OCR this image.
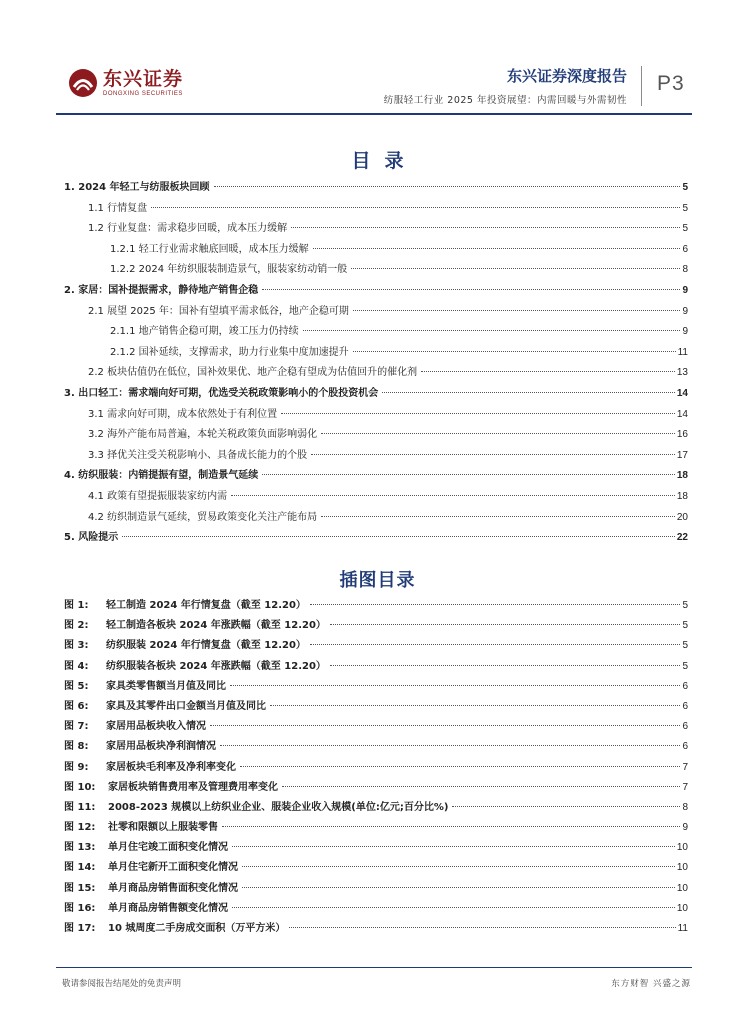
东兴证券
DONGXING SECURITIES
东兴证券深度报告
纺服轻工行业 2025 年投资展望：内需回暖与外需韧性
P3
目录
1. 2024 年轻工与纺服板块回顾	5
1.1 行情复盘	5
1.2 行业复盘：需求稳步回暖，成本压力缓解	5
1.2.1 轻工行业需求触底回暖，成本压力缓解	6
1.2.2 2024 年纺织服装制造景气，服装家纺动销一般	8
2. 家居：国补提振需求，静待地产销售企稳	9
2.1 展望 2025 年：国补有望填平需求低谷，地产企稳可期	9
2.1.1 地产销售企稳可期，竣工压力仍持续	9
2.1.2 国补延续，支撑需求，助力行业集中度加速提升	11
2.2 板块估值仍在低位，国补效果优、地产企稳有望成为估值回升的催化剂	13
3. 出口轻工：需求端向好可期，优选受关税政策影响小的个股投资机会	14
3.1 需求向好可期，成本依然处于有利位置	14
3.2 海外产能布局普遍，本轮关税政策负面影响弱化	16
3.3 择优关注受关税影响小、具备成长能力的个股	17
4. 纺织服装：内销提振有望，制造景气延续	18
4.1 政策有望提振服装家纺内需	18
4.2 纺织制造景气延续，贸易政策变化关注产能布局	20
5. 风险提示	22
插图目录
图 1: 轻工制造 2024 年行情复盘（截至 12.20）	5
图 2: 轻工制造各板块 2024 年涨跌幅（截至 12.20）	5
图 3: 纺织服装 2024 年行情复盘（截至 12.20）	5
图 4: 纺织服装各板块 2024 年涨跌幅（截至 12.20）	5
图 5: 家具类零售额当月值及同比	6
图 6: 家具及其零件出口金额当月值及同比	6
图 7: 家居用品板块收入情况	6
图 8: 家居用品板块净利润情况	6
图 9: 家居板块毛利率及净利率变化	7
图 10: 家居板块销售费用率及管理费用率变化	7
图 11: 2008-2023 规模以上纺织业企业、服装企业收入规模(单位:亿元;百分比%)	8
图 12: 社零和限额以上服装零售	9
图 13: 单月住宅竣工面积变化情况	10
图 14: 单月住宅新开工面积变化情况	10
图 15: 单月商品房销售面积变化情况	10
图 16: 单月商品房销售额变化情况	10
图 17: 10 城周度二手房成交面积（万平方米）	11
敬请参阅报告结尾处的免责声明	东方财智 兴盛之源
